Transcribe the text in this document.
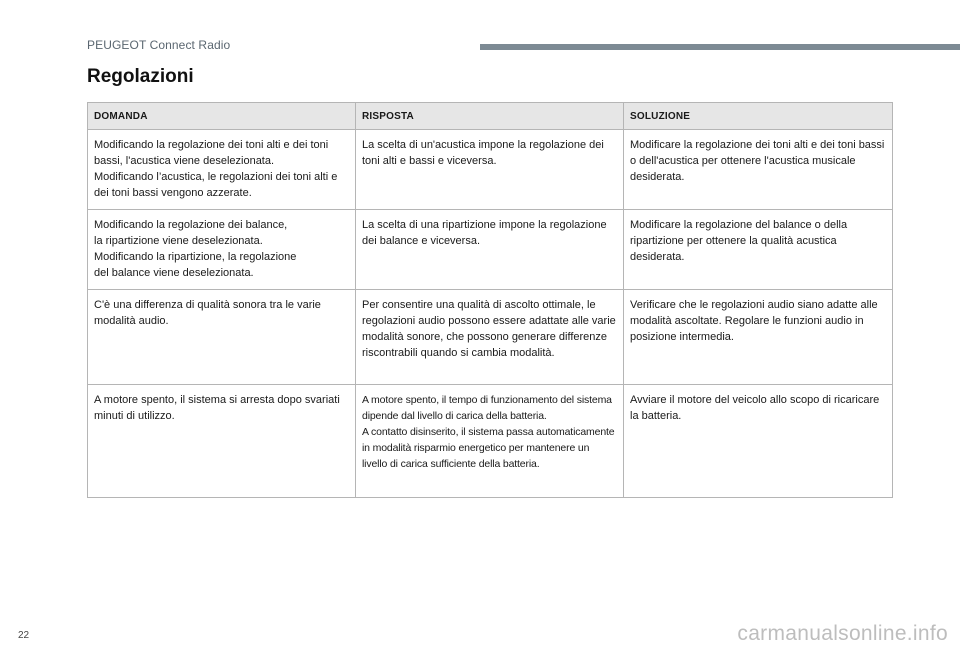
PEUGEOT Connect Radio
Regolazioni
DOMANDA	RISPOSTA	SOLUZIONE
Modificando la regolazione dei toni alti e dei toni bassi, l'acustica viene deselezionata.
Modificando l’acustica, le regolazioni dei toni alti e dei toni bassi vengono azzerate.	La scelta di un'acustica impone la regolazione dei toni alti e bassi e viceversa.	Modificare la regolazione dei toni alti e dei toni bassi o dell'acustica per ottenere l'acustica musicale desiderata.
Modificando la regolazione dei balance,
la ripartizione viene deselezionata.
Modificando la ripartizione, la regolazione
del balance viene deselezionata.	La scelta di una ripartizione impone la regolazione dei balance e viceversa.	Modificare la regolazione del balance o della ripartizione per ottenere la qualità acustica desiderata.
C'è una differenza di qualità sonora tra le varie modalità audio.	Per consentire una qualità di ascolto ottimale, le regolazioni audio possono essere adattate alle varie modalità sonore, che possono generare differenze riscontrabili quando si cambia modalità.	Verificare che le regolazioni audio siano adatte alle modalità ascoltate. Regolare le funzioni audio in posizione intermedia.
A motore spento, il sistema si arresta dopo svariati minuti di utilizzo.	A motore spento, il tempo di funzionamento del sistema dipende dal livello di carica della batteria.
A contatto disinserito, il sistema passa automaticamente in modalità risparmio energetico per mantenere un livello di carica sufficiente della batteria.	Avviare il motore del veicolo allo scopo di ricaricare la batteria.
22	carmanualsonline.info
